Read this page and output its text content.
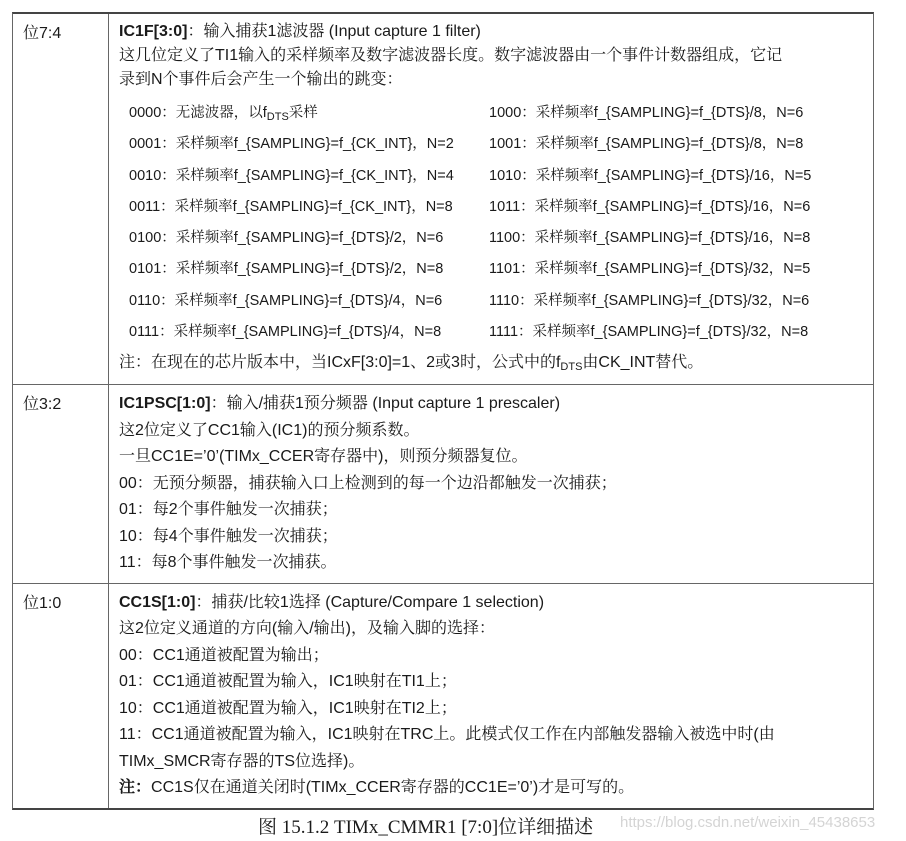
位7:4	IC1F[3:0]：输入捕获1滤波器 (Input capture 1 filter)
这几位定义了TI1输入的采样频率及数字滤波器长度。数字滤波器由一个事件计数器组成，它记
录到N个事件后会产生一个输出的跳变：
0000：无滤波器，以$f_{DTS}$采样	1000：采样频率f_{SAMPLING}=f_{DTS}/8，N=6
0001：采样频率f_{SAMPLING}=f_{CK_INT}，N=2	1001：采样频率f_{SAMPLING}=f_{DTS}/8，N=8
0010：采样频率f_{SAMPLING}=f_{CK_INT}，N=4	1010：采样频率f_{SAMPLING}=f_{DTS}/16，N=5
0011：采样频率f_{SAMPLING}=f_{CK_INT}，N=8	1011：采样频率f_{SAMPLING}=f_{DTS}/16，N=6
0100：采样频率f_{SAMPLING}=f_{DTS}/2，N=6	1100：采样频率f_{SAMPLING}=f_{DTS}/16，N=8
0101：采样频率f_{SAMPLING}=f_{DTS}/2，N=8	1101：采样频率f_{SAMPLING}=f_{DTS}/32，N=5
0110：采样频率f_{SAMPLING}=f_{DTS}/4，N=6	1110：采样频率f_{SAMPLING}=f_{DTS}/32，N=6
0111：采样频率f_{SAMPLING}=f_{DTS}/4，N=8	1111：采样频率f_{SAMPLING}=f_{DTS}/32，N=8
注：在现在的芯片版本中，当ICxF[3:0]=1、2或3时，公式中的$f_{DTS}$由CK_INT替代。
位3:2	IC1PSC[1:0]：输入/捕获1预分频器 (Input capture 1 prescaler)
这2位定义了CC1输入(IC1)的预分频系数。
一旦CC1E=’0’(TIMx_CCER寄存器中)，则预分频器复位。
00：无预分频器，捕获输入口上检测到的每一个边沿都触发一次捕获；
01：每2个事件触发一次捕获；
10：每4个事件触发一次捕获；
11：每8个事件触发一次捕获。
位1:0	CC1S[1:0]：捕获/比较1选择 (Capture/Compare 1 selection)
这2位定义通道的方向(输入/输出)，及输入脚的选择：
00：CC1通道被配置为输出；
01：CC1通道被配置为输入，IC1映射在TI1上；
10：CC1通道被配置为输入，IC1映射在TI2上；
11：CC1通道被配置为输入，IC1映射在TRC上。此模式仅工作在内部触发器输入被选中时(由
TIMx_SMCR寄存器的TS位选择)。
注：CC1S仅在通道关闭时(TIMx_CCER寄存器的CC1E=’0’)才是可写的。
图 15.1.2 TIMx_CMMR1 [7:0]位详细描述 https://blog.csdn.net/weixin_45438653
